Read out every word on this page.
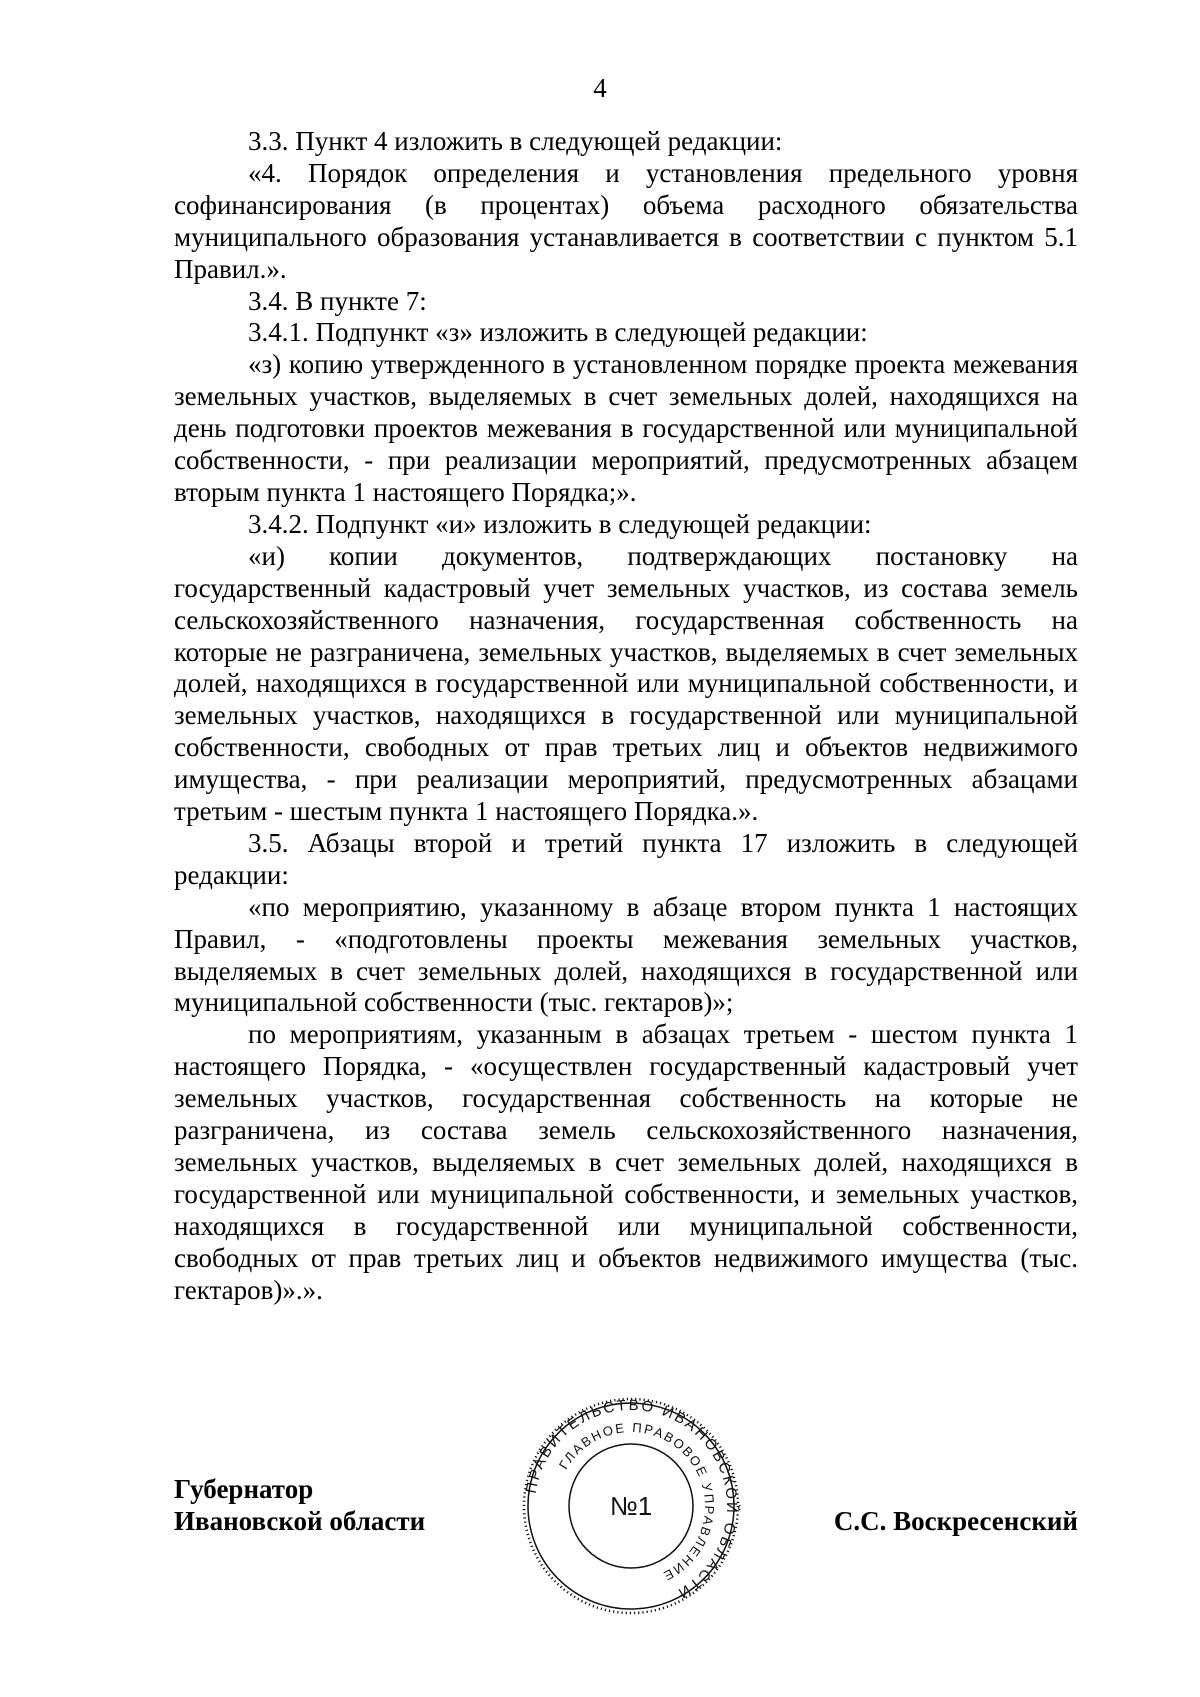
4

3.3. Пункт 4 изложить в следующей редакции:

«4. Порядок определения и установления предельного уровня софинансирования (в процентах) объема расходного обязательства муниципального образования устанавливается в соответствии с пунктом 5.1 Правил.».

3.4. В пункте 7:

3.4.1. Подпункт «з» изложить в следующей редакции:

«з) копию утвержденного в установленном порядке проекта межевания земельных участков, выделяемых в счет земельных долей, находящихся на день подготовки проектов межевания в государственной или муниципальной собственности, - при реализации мероприятий, предусмотренных абзацем вторым пункта 1 настоящего Порядка;».

3.4.2. Подпункт «и» изложить в следующей редакции:

«и) копии документов, подтверждающих постановку на государственный кадастровый учет земельных участков, из состава земель сельскохозяйственного назначения, государственная собственность на которые не разграничена, земельных участков, выделяемых в счет земельных долей, находящихся в государственной или муниципальной собственности, и земельных участков, находящихся в государственной или муниципальной собственности, свободных от прав третьих лиц и объектов недвижимого имущества, - при реализации мероприятий, предусмотренных абзацами третьим - шестым пункта 1 настоящего Порядка.».

3.5. Абзацы второй и третий пункта 17 изложить в следующей редакции:

«по мероприятию, указанному в абзаце втором пункта 1 настоящих Правил, - «подготовлены проекты межевания земельных участков, выделяемых в счет земельных долей, находящихся в государственной или муниципальной собственности (тыс. гектаров)»;

по мероприятиям, указанным в абзацах третьем - шестом пункта 1 настоящего Порядка, - «осуществлен государственный кадастровый учет земельных участков, государственная собственность на которые не разграничена, из состава земель сельскохозяйственного назначения, земельных участков, выделяемых в счет земельных долей, находящихся в государственной или муниципальной собственности, и земельных участков, находящихся в государственной или муниципальной собственности, свободных от прав третьих лиц и объектов недвижимого имущества (тыс. гектаров)».».

Губернатор
Ивановской области
ПРАВИТЕЛЬСТВО ИВАНОВСКОЙ ОБЛАСТИ
ГЛАВНОЕ ПРАВОВОЕ УПРАВЛЕНИЕ
№1	С.С. Воскресенский
